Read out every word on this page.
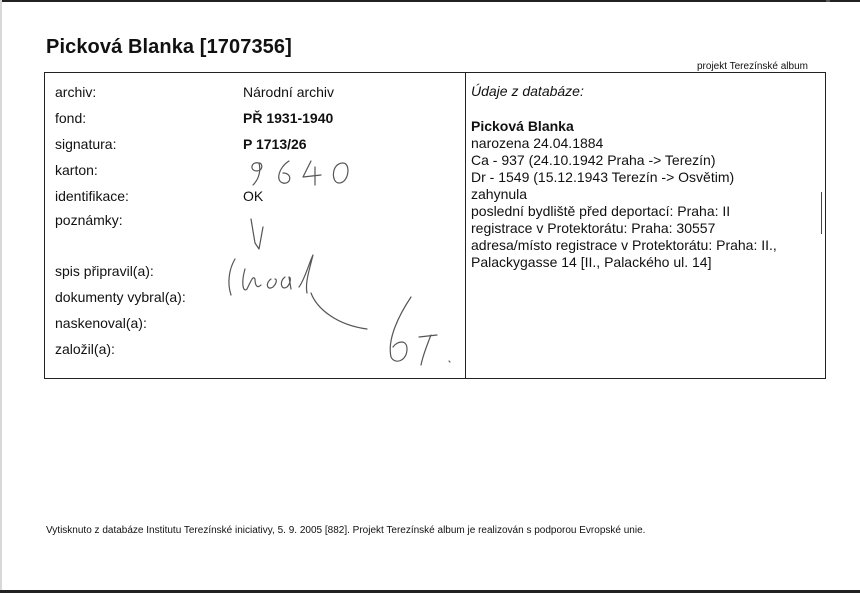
Picková Blanka [1707356]
projekt Terezínské album
archiv:
fond:
signatura:
karton:
identifikace:
poznámky:
spis připravil(a):
dokumenty vybral(a):
naskenoval(a):
založil(a):
Národní archiv
PŘ 1931-1940
P 1713/26
OK
Údaje z databáze:
Picková Blanka
narozena 24.04.1884
Ca - 937 (24.10.1942 Praha -> Terezín)
Dr - 1549 (15.12.1943 Terezín -> Osvětim)
zahynula
poslední bydliště před deportací: Praha: II
registrace v Protektorátu: Praha: 30557
adresa/místo registrace v Protektorátu: Praha: II.,
Palackygasse 14 [II., Palackého ul. 14]
Vytisknuto z databáze Institutu Terezínské iniciativy, 5. 9. 2005 [882]. Projekt Terezínské album je realizován s podporou Evropské unie.
